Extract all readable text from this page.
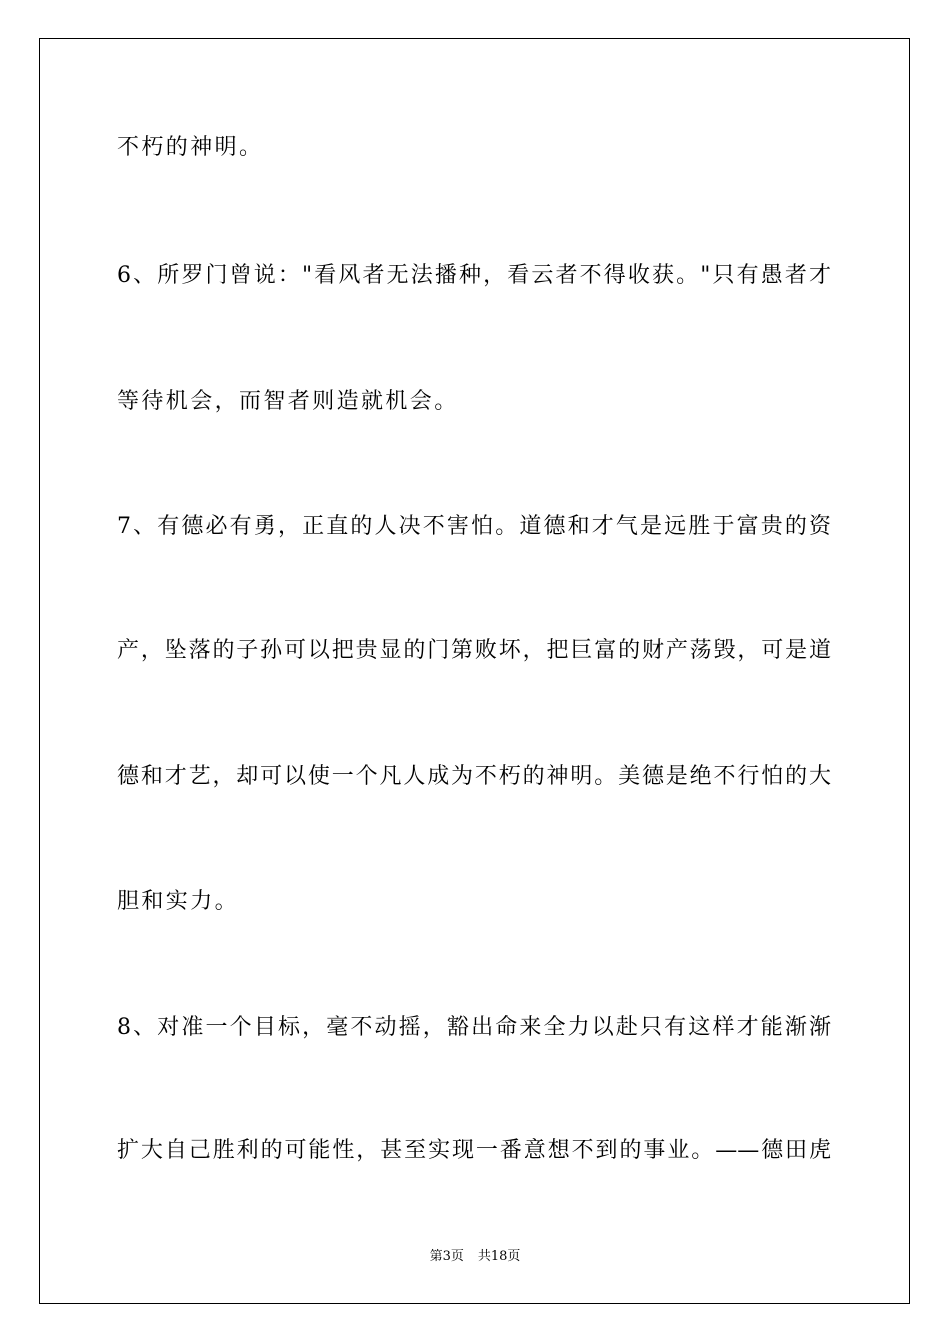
不朽的神明。
6、所罗门曾说："看风者无法播种，看云者不得收获。"只有愚者才
等待机会，而智者则造就机会。
7、有德必有勇，正直的人决不害怕。道德和才气是远胜于富贵的资
产，坠落的子孙可以把贵显的门第败坏，把巨富的财产荡毁，可是道
德和才艺，却可以使一个凡人成为不朽的神明。美德是绝不行怕的大
胆和实力。
8、对准一个目标，毫不动摇，豁出命来全力以赴只有这样才能渐渐
扩大自己胜利的可能性，甚至实现一番意想不到的事业。——德田虎
第3页 共18页
